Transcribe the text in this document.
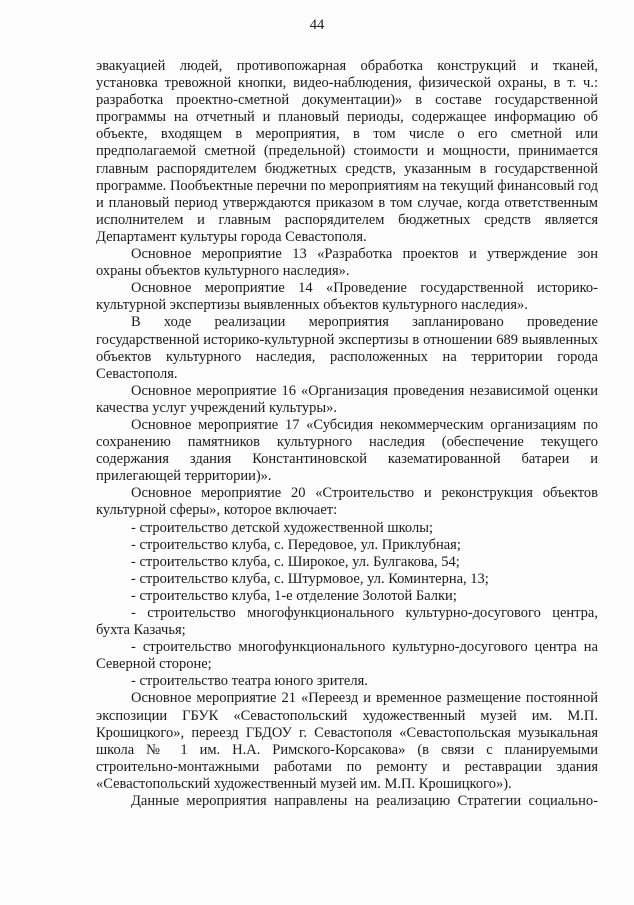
44

эвакуацией людей, противопожарная обработка конструкций и тканей, установка тревожной кнопки, видео-наблюдения, физической охраны, в т. ч.: разработка проектно-сметной документации)» в составе государственной программы на отчетный и плановый периоды, содержащее информацию об объекте, входящем в мероприятия, в том числе о его сметной или предполагаемой сметной (предельной) стоимости и мощности, принимается главным распорядителем бюджетных средств, указанным в государственной программе. Пообъектные перечни по мероприятиям на текущий финансовый год и плановый период утверждаются приказом в том случае, когда ответственным исполнителем и главным распорядителем бюджетных средств является Департамент культуры города Севастополя.

Основное мероприятие 13 «Разработка проектов и утверждение зон охраны объектов культурного наследия».

Основное мероприятие 14 «Проведение государственной историко-культурной экспертизы выявленных объектов культурного наследия».

В ходе реализации мероприятия запланировано проведение государственной историко-культурной экспертизы в отношении 689 выявленных объектов культурного наследия, расположенных на территории города Севастополя.

Основное мероприятие 16 «Организация проведения независимой оценки качества услуг учреждений культуры».

Основное мероприятие 17 «Субсидия некоммерческим организациям по сохранению памятников культурного наследия (обеспечение текущего содержания здания Константиновской казематированной батареи и прилегающей территории)».

Основное мероприятие 20 «Строительство и реконструкция объектов культурной сферы», которое включает:

- строительство детской художественной школы;

- строительство клуба, с. Передовое, ул. Приклубная;

- строительство клуба, с. Широкое, ул. Булгакова, 54;

- строительство клуба, с. Штурмовое, ул. Коминтерна, 13;

- строительство клуба, 1-е отделение Золотой Балки;

- строительство многофункционального культурно-досугового центра, бухта Казачья;

- строительство многофункционального культурно-досугового центра на Северной стороне;

- строительство театра юного зрителя.

Основное мероприятие 21 «Переезд и временное размещение постоянной экспозиции ГБУК «Севастопольский художественный музей им. М.П. Крошицкого», переезд ГБДОУ г. Севастополя «Севастопольская музыкальная школа № 1 им. Н.А. Римского-Корсакова» (в связи с планируемыми строительно-монтажными работами по ремонту и реставрации здания «Севастопольский художественный музей им. М.П. Крошицкого»).

Данные мероприятия направлены на реализацию Стратегии социально-
